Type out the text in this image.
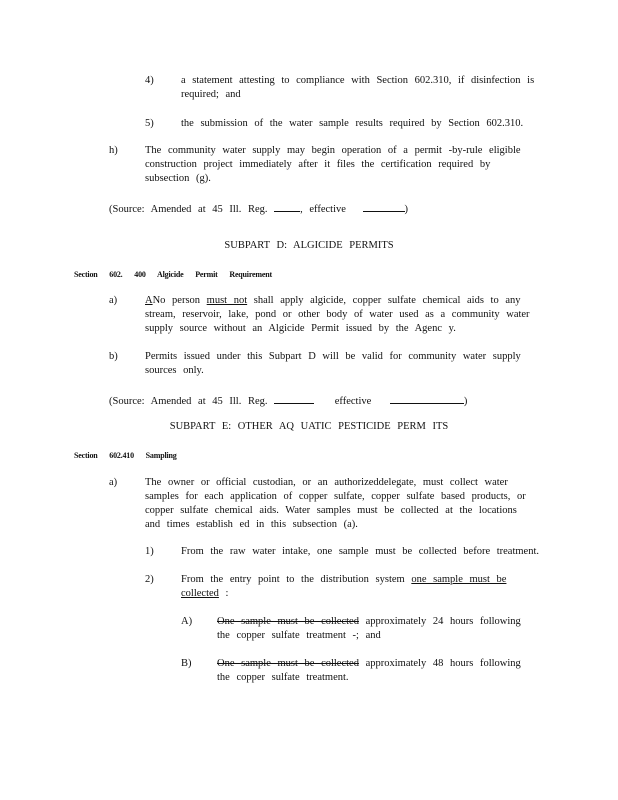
4)	a statement attesting to compliance with Section 602.310, if disinfection is
required; and
5)	the submission of the water sample results required by Section 602.310.
h)	The community water supply may begin operation of a permit -by-rule eligible
construction project immediately after it files the certification required by
subsection (g).
(Source: Amended at 45 Ill. Reg.	, effective	)
SUBPART D: ALGICIDE PERMITS
Section 602. 400 Algicide Permit Requirement
a)	ANo person must not shall apply algicide, copper sulfate chemical aids to any
stream, reservoir, lake, pond or other body of water used as a community water
supply source without an Algicide Permit issued by the Agenc y.
b)	Permits issued under this Subpart D will be valid for community water supply
sources only.
(Source: Amended at 45 Ill. Reg.	effective	)
SUBPART E: OTHER AQ UATIC PESTICIDE PERM ITS
Section 602.410 Sampling
a)	The owner or official custodian, or an authorizeddelegate, must collect water
samples for each application of copper sulfate, copper sulfate based products, or
copper sulfate chemical aids. Water samples must be collected at the locations
and times establish ed in this subsection (a).
1)	From the raw water intake, one sample must be collected before treatment.
2)	From the entry point to the distribution system one sample must be
collected :
A) One sample must be collected approximately 24 hours following
the copper sulfate treatment -; and
B) One sample must be collected approximately 48 hours following
the copper sulfate treatment.
